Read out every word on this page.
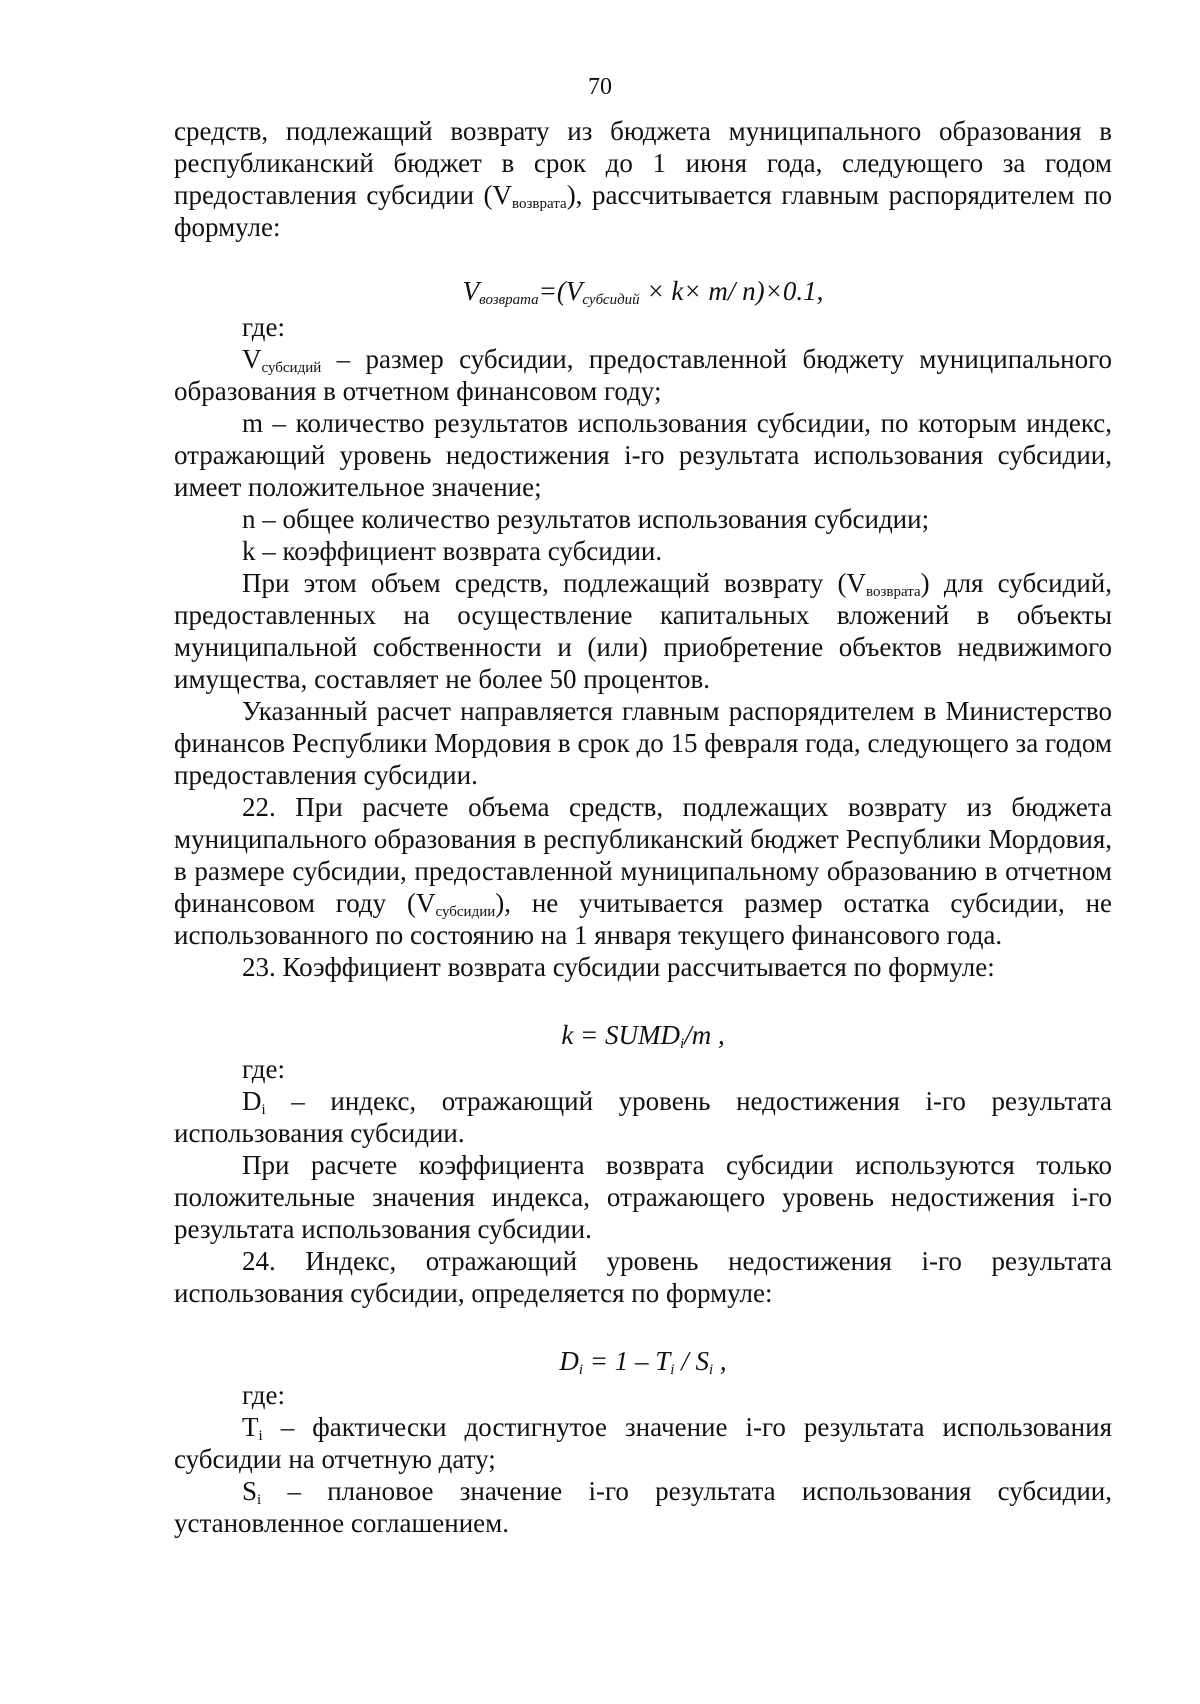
70

средств, подлежащий возврату из бюджета муниципального образования в республиканский бюджет в срок до 1 июня года, следующего за годом предоставления субсидии $(V_{возврата})$, рассчитывается главным распорядителем по формуле:

$V_{возврата}=(V_{субсидий} \times k\times m/$ n)×0.1,

где:

$V_{субсидий}$ – размер субсидии, предоставленной бюджету муниципального образования в отчетном финансовом году;

m – количество результатов использования субсидии, по которым индекс, отражающий уровень недостижения i-го результата использования субсидии, имеет положительное значение;

n – общее количество результатов использования субсидии;

k – коэффициент возврата субсидии.

При этом объем средств, подлежащий возврату $(V_{возврата})$ для субсидий, предоставленных на осуществление капитальных вложений в объекты муниципальной собственности и (или) приобретение объектов недвижимого имущества, составляет не более 50 процентов.

Указанный расчет направляется главным распорядителем в Министерство финансов Республики Мордовия в срок до 15 февраля года, следующего за годом предоставления субсидии.

22. При расчете объема средств, подлежащих возврату из бюджета муниципального образования в республиканский бюджет Республики Мордовия, в размере субсидии, предоставленной муниципальному образованию в отчетном финансовом году $(V_{субсидии})$, не учитывается размер остатка субсидии, не использованного по состоянию на 1 января текущего финансового года.

23. Коэффициент возврата субсидии рассчитывается по формуле:

$k = SUMD_i/m$ ,

где:

$D_i$ – индекс, отражающий уровень недостижения i-го результата использования субсидии.

При расчете коэффициента возврата субсидии используются только положительные значения индекса, отражающего уровень недостижения i-го результата использования субсидии.

24. Индекс, отражающий уровень недостижения i-го результата использования субсидии, определяется по формуле:

$D_i = 1 - T_i / S_i$ ,

где:

$T_i$ – фактически достигнутое значение i-го результата использования субсидии на отчетную дату;

$S_i$ – плановое значение i-го результата использования субсидии, установленное соглашением.
